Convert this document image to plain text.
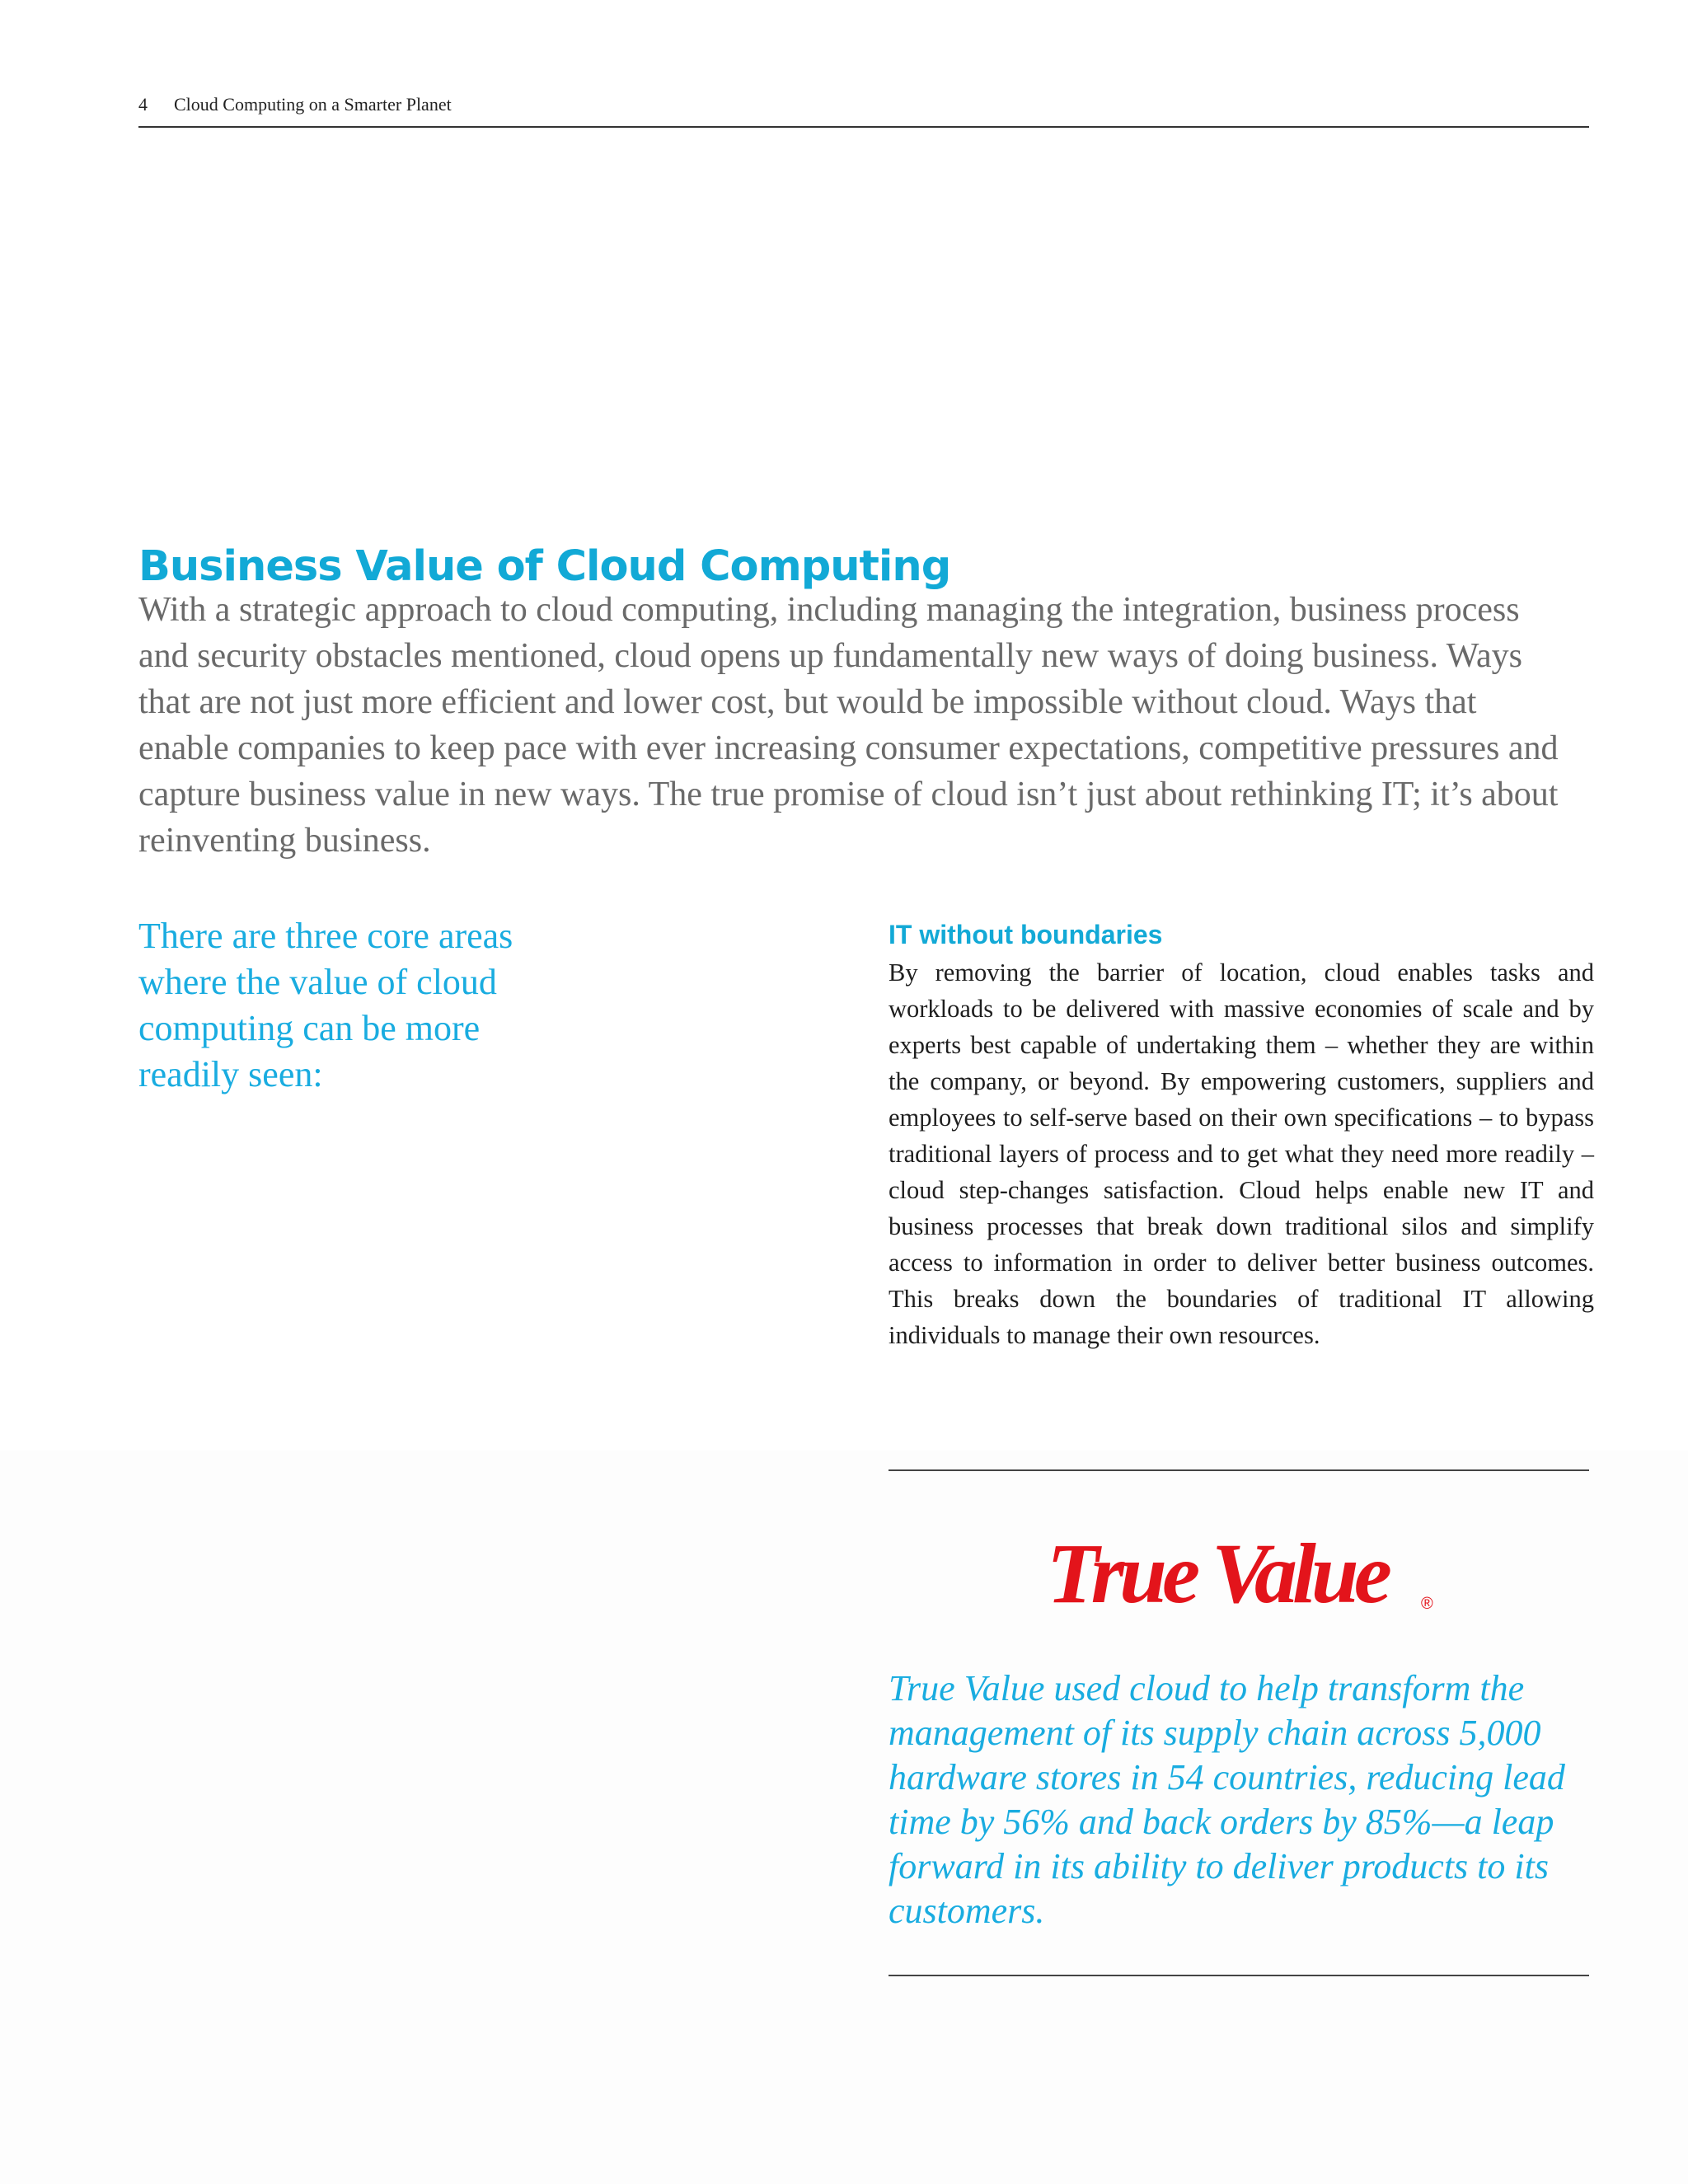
4 Cloud Computing on a Smarter Planet
Business Value of Cloud Computing

With a strategic approach to cloud computing, including managing the integration, business process and security obstacles mentioned, cloud opens up fundamentally new ways of doing business. Ways that are not just more efficient and lower cost, but would be impossible without cloud. Ways that enable companies to keep pace with ever increasing consumer expectations, competitive pressures and capture business value in new ways. The true promise of cloud isn’t just about rethinking IT; it’s about reinventing business.

There are three core areas where the value of cloud computing can be more readily seen:

IT without boundaries

By removing the barrier of location, cloud enables tasks and workloads to be delivered with massive economies of scale and by experts best capable of undertaking them – whether they are within the company, or beyond. By empowering customers, suppliers and employees to self-serve based on their own specifications – to bypass traditional layers of process and to get what they need more readily – cloud step-changes satisfaction. Cloud helps enable new IT and business processes that break down traditional silos and simplify access to information in order to deliver better business outcomes. This breaks down the boundaries of traditional IT allowing individuals to manage their own resources.

True Value ®

True Value used cloud to help transform the management of its supply chain across 5,000 hardware stores in 54 countries, reducing lead time by 56% and back orders by 85%—a leap forward in its ability to deliver products to its customers.
